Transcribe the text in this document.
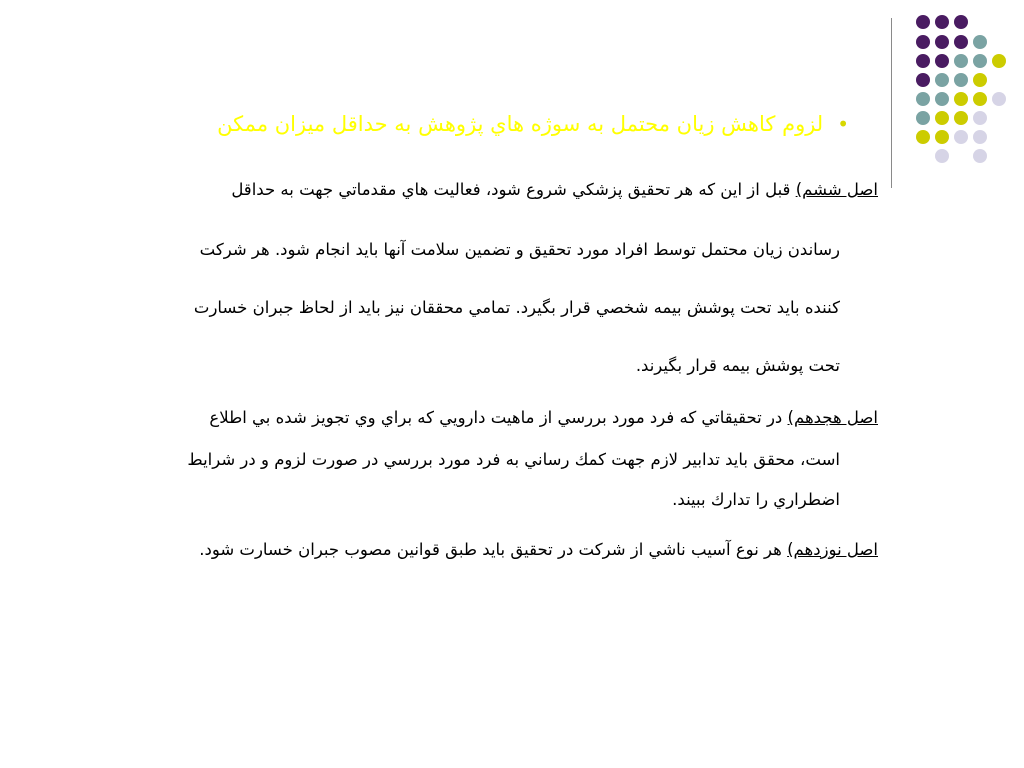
•
لزوم كاهش زيان محتمل به سوژه هاي پژوهش به حداقل ميزان ممكن
اصل ششم) قبل از اين كه هر تحقيق پزشكي شروع شود، فعاليت هاي مقدماتي جهت به حداقل
رساندن زيان محتمل توسط افراد مورد تحقيق و تضمين سلامت آنها بايد انجام شود. هر شركت
كننده بايد تحت پوشش بيمه شخصي قرار بگيرد. تمامي محققان نيز بايد از لحاظ جبران خسارت
تحت پوشش بيمه قرار بگيرند.
اصل هجدهم) در تحقيقاتي كه فرد مورد بررسي از ماهيت دارويي كه براي وي تجويز شده بي اطلاع
است، محقق بايد تدابير لازم جهت كمك رساني به فرد مورد بررسي در صورت لزوم و در شرايط
اضطراري را تدارك ببيند.
اصل نوزدهم) هر نوع آسيب ناشي از شركت در تحقيق بايد طبق قوانين مصوب جبران خسارت شود.
